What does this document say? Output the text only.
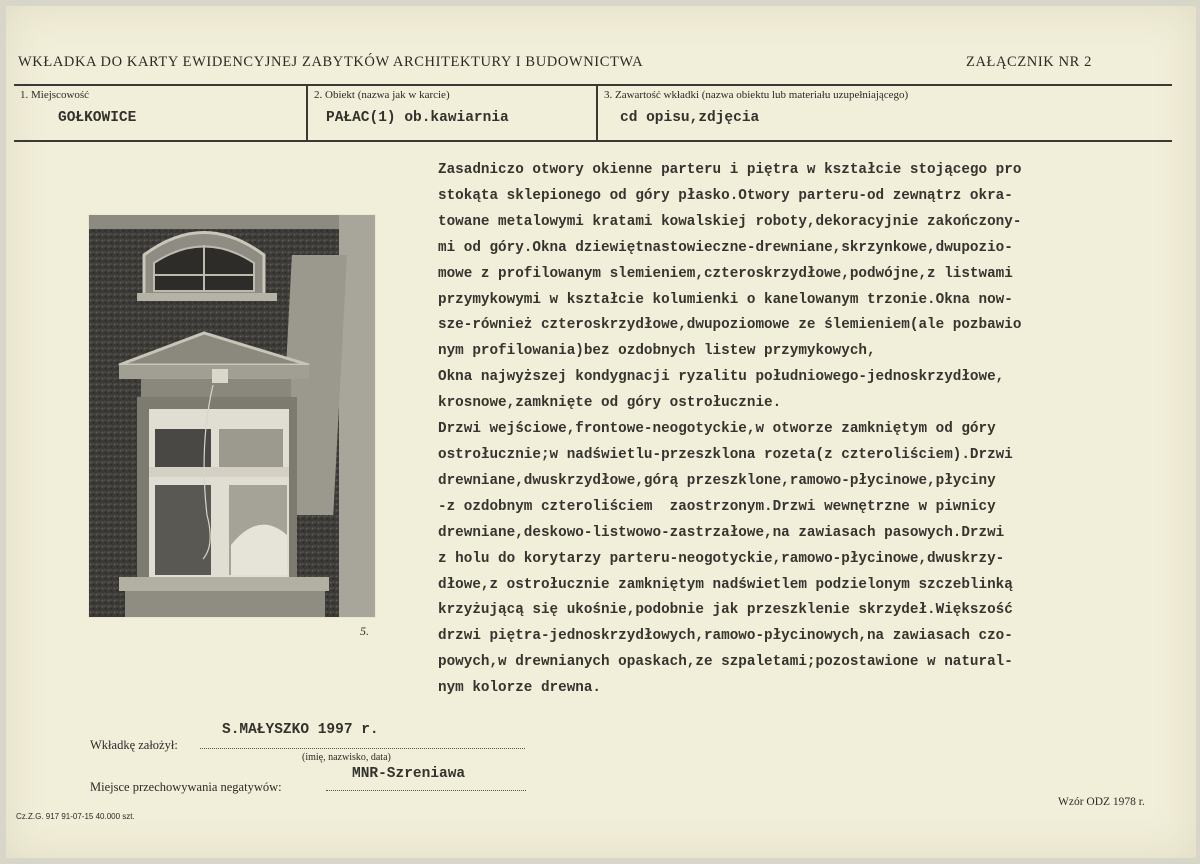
WKŁADKA DO KARTY EWIDENCYJNEJ ZABYTKÓW ARCHITEKTURY I BUDOWNICTWA	ZAŁĄCZNIK NR 2
1. Miejscowość
GOŁKOWICE
2. Obiekt (nazwa jak w karcie)
PAŁAC(1) ob.kawiarnia
3. Zawartość wkładki (nazwa obiektu lub materiału uzupełniającego)
cd opisu,zdjęcia
5.
Zasadniczo otwory okienne parteru i piętra w kształcie stojącego pro
stokąta sklepionego od góry płasko.Otwory parteru-od zewnątrz okra-
towane metalowymi kratami kowalskiej roboty,dekoracyjnie zakończony-
mi od góry.Okna dziewiętnastowieczne-drewniane,skrzynkowe,dwupozio-
mowe z profilowanym slemieniem,czteroskrzydłowe,podwójne,z listwami
przymykowymi w kształcie kolumienki o kanelowanym trzonie.Okna now-
sze-również czteroskrzydłowe,dwupoziomowe ze ślemieniem(ale pozbawio
nym profilowania)bez ozdobnych listew przymykowych,
Okna najwyższej kondygnacji ryzalitu południowego-jednoskrzydłowe,
krosnowe,zamknięte od góry ostrołucznie.
Drzwi wejściowe,frontowe-neogotyckie,w otworze zamkniętym od góry
ostrołucznie;w nadświetlu-przeszklona rozeta(z czteroliściem).Drzwi
drewniane,dwuskrzydłowe,górą przeszklone,ramowo-płycinowe,płyciny
-z ozdobnym czteroliściem  zaostrzonym.Drzwi wewnętrzne w piwnicy
drewniane,deskowo-listwowo-zastrzałowe,na zawiasach pasowych.Drzwi
z holu do korytarzy parteru-neogotyckie,ramowo-płycinowe,dwuskrzy-
dłowe,z ostrołucznie zamkniętym nadświetlem podzielonym szczeblinką
krzyżującą się ukośnie,podobnie jak przeszklenie skrzydeł.Większość
drzwi piętra-jednoskrzydłowych,ramowo-płycinowych,na zawiasach czo-
powych,w drewnianych opaskach,ze szpaletami;pozostawione w natural-
nym kolorze drewna.
S.MAŁYSZKO 1997 r.
Wkładkę założył:
(imię, nazwisko, data)
MNR-Szreniawa
Miejsce przechowywania negatywów:
Cz.Z.G. 917 91-07-15 40.000 szt.
Wzór ODZ 1978 r.
